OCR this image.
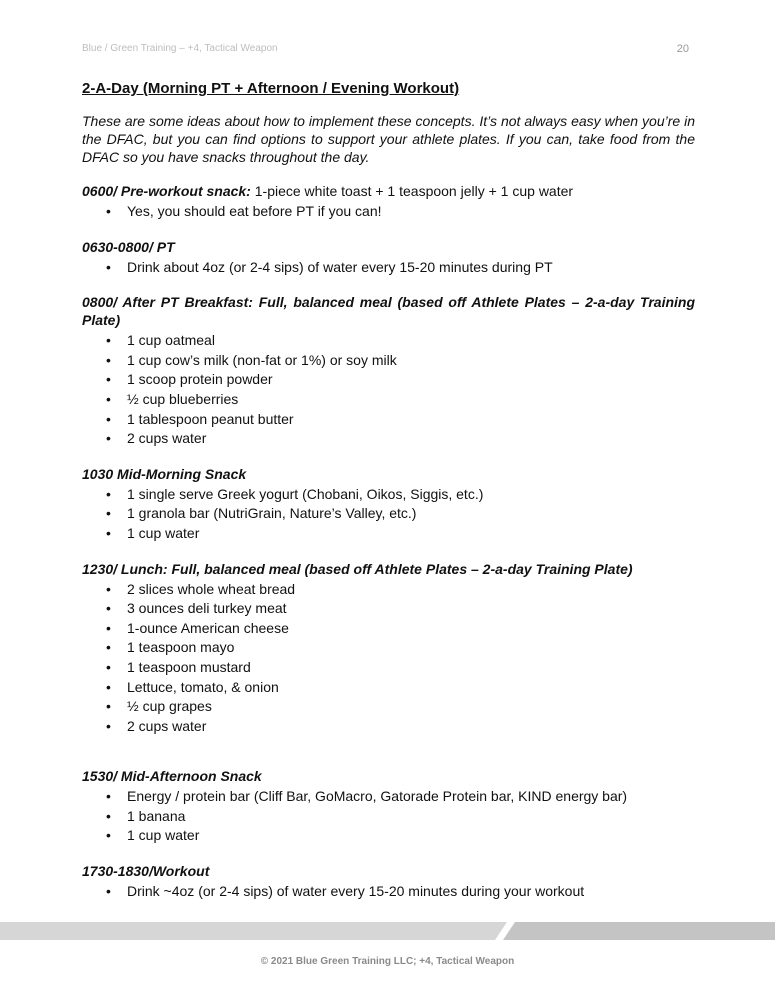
Blue / Green Training – +4, Tactical Weapon	20
2-A-Day (Morning PT + Afternoon / Evening Workout)

These are some ideas about how to implement these concepts. It’s not always easy when you’re in the DFAC, but you can find options to support your athlete plates. If you can, take food from the DFAC so you have snacks throughout the day.

0600/ Pre-workout snack: 1-piece white toast + 1 teaspoon jelly + 1 cup water
• Yes, you should eat before PT if you can!
0630-0800/ PT
• Drink about 4oz (or 2-4 sips) of water every 15-20 minutes during PT
0800/ After PT Breakfast: Full, balanced meal (based off Athlete Plates – 2-a-day Training Plate)
• 1 cup oatmeal
• 1 cup cow’s milk (non-fat or 1%) or soy milk
• 1 scoop protein powder
• ½ cup blueberries
• 1 tablespoon peanut butter
• 2 cups water
1030 Mid-Morning Snack
• 1 single serve Greek yogurt (Chobani, Oikos, Siggis, etc.)
• 1 granola bar (NutriGrain, Nature’s Valley, etc.)
• 1 cup water
1230/ Lunch: Full, balanced meal (based off Athlete Plates – 2-a-day Training Plate)
• 2 slices whole wheat bread
• 3 ounces deli turkey meat
• 1-ounce American cheese
• 1 teaspoon mayo
• 1 teaspoon mustard
• Lettuce, tomato, & onion
• ½ cup grapes
• 2 cups water
1530/ Mid-Afternoon Snack
• Energy / protein bar (Cliff Bar, GoMacro, Gatorade Protein bar, KIND energy bar)
• 1 banana
• 1 cup water
1730-1830/Workout
• Drink ~4oz (or 2-4 sips) of water every 15-20 minutes during your workout
© 2021 Blue Green Training LLC; +4, Tactical Weapon
